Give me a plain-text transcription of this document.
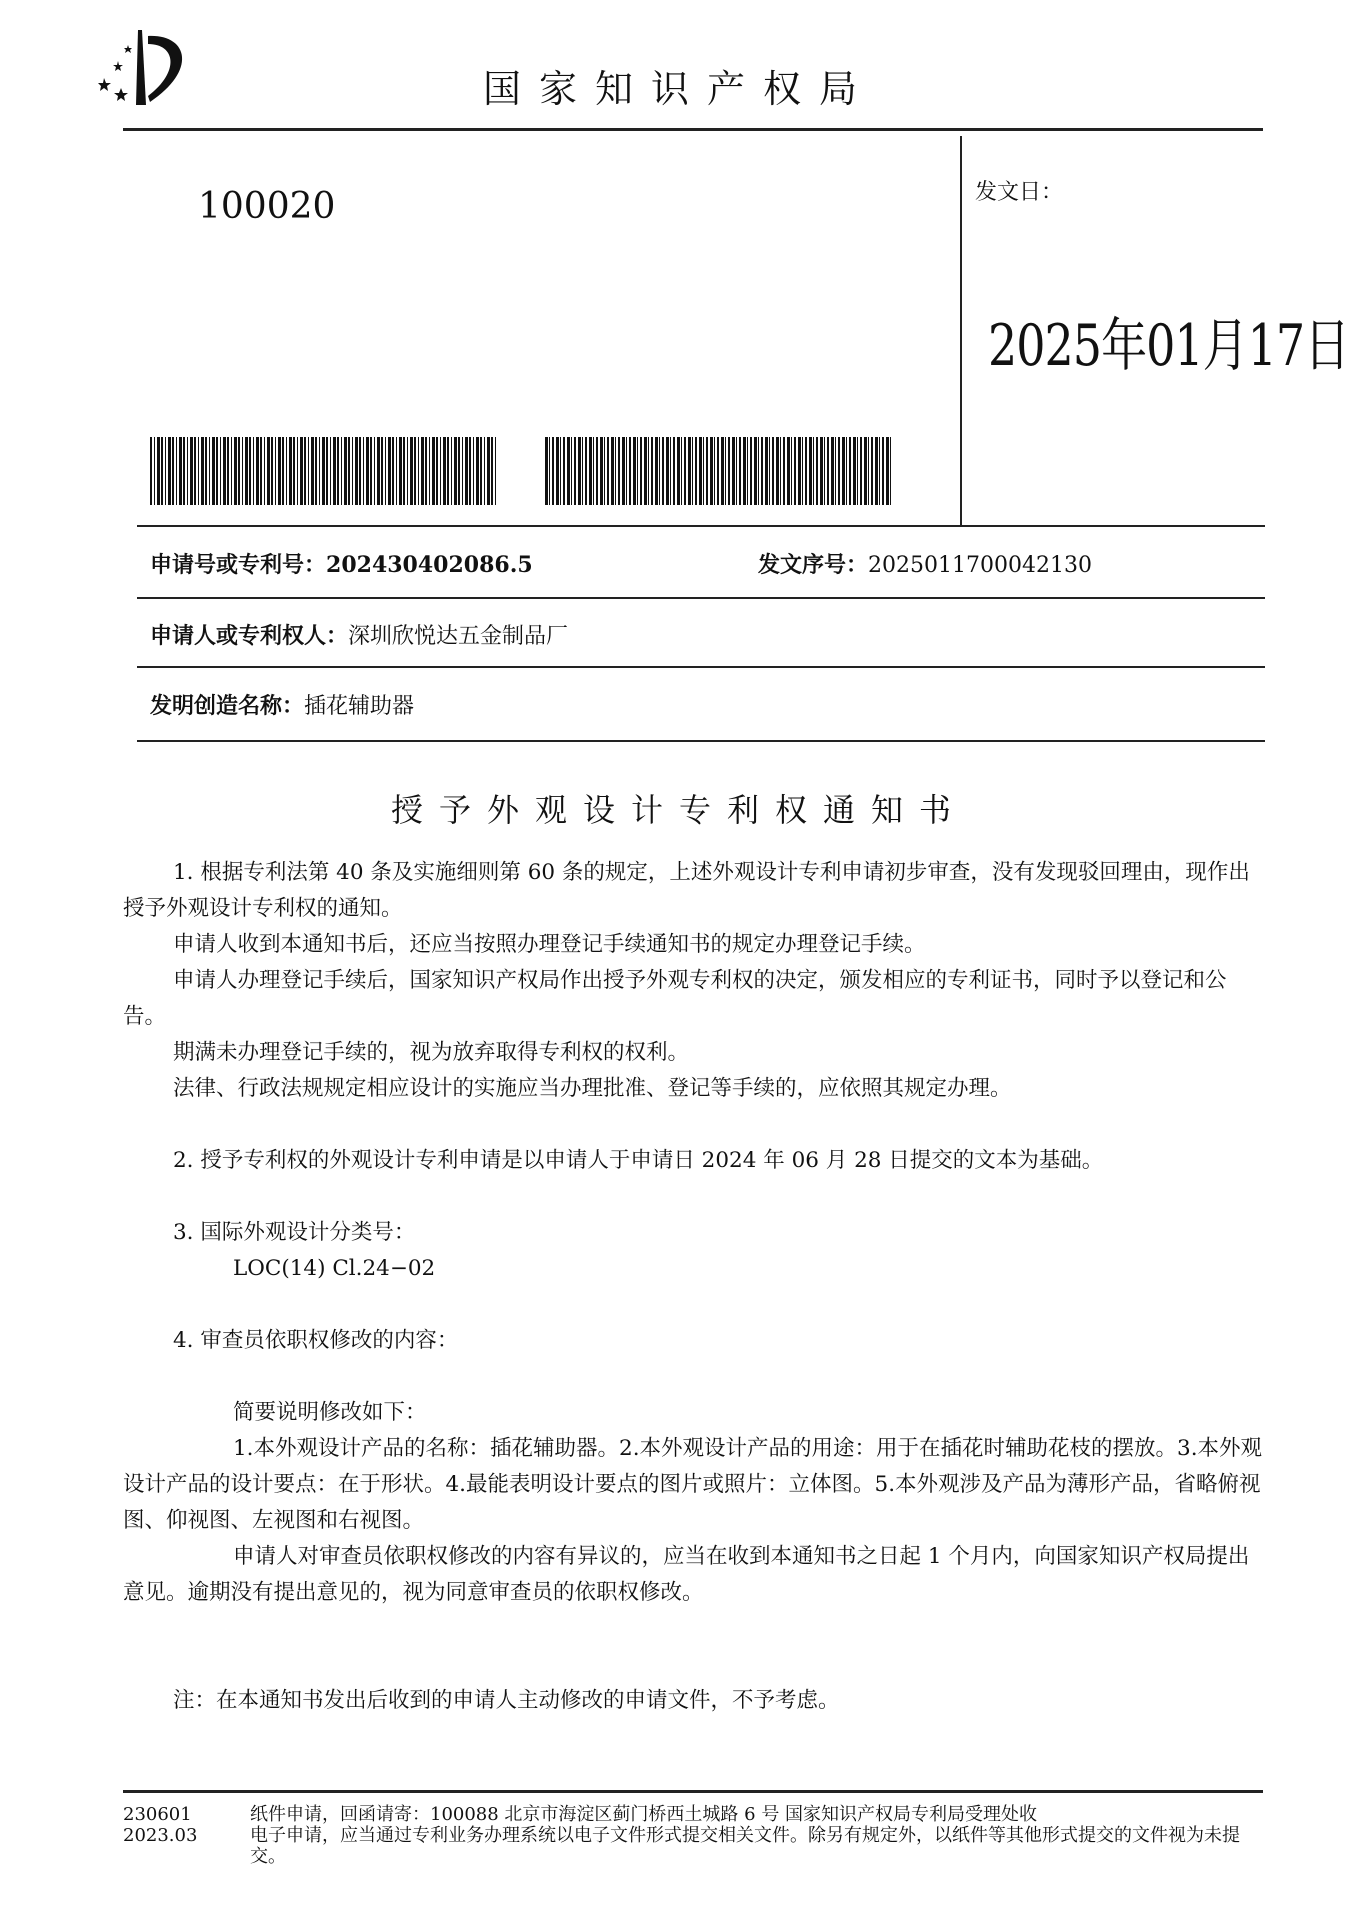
国家知识产权局
100020	发文日：
2025年01月17日
申请号或专利号：202430402086.5	发文序号：2025011700042130
申请人或专利权人：深圳欣悦达五金制品厂
发明创造名称：插花辅助器
授予外观设计专利权通知书

1. 根据专利法第 40 条及实施细则第 60 条的规定，上述外观设计专利申请初步审查，没有发现驳回理由，现作出授予外观设计专利权的通知。

申请人收到本通知书后，还应当按照办理登记手续通知书的规定办理登记手续。

申请人办理登记手续后，国家知识产权局作出授予外观专利权的决定，颁发相应的专利证书，同时予以登记和公告。

期满未办理登记手续的，视为放弃取得专利权的权利。

法律、行政法规规定相应设计的实施应当办理批准、登记等手续的，应依照其规定办理。

2. 授予专利权的外观设计专利申请是以申请人于申请日 2024 年 06 月 28 日提交的文本为基础。

3. 国际外观设计分类号：

LOC(14) Cl.24−02

4. 审查员依职权修改的内容：

简要说明修改如下：

1.本外观设计产品的名称：插花辅助器。2.本外观设计产品的用途：用于在插花时辅助花枝的摆放。3.本外观设计产品的设计要点：在于形状。4.最能表明设计要点的图片或照片：立体图。5.本外观涉及产品为薄形产品，省略俯视图、仰视图、左视图和右视图。

申请人对审查员依职权修改的内容有异议的，应当在收到本通知书之日起 1 个月内，向国家知识产权局提出意见。逾期没有提出意见的，视为同意审查员的依职权修改。

注：在本通知书发出后收到的申请人主动修改的申请文件，不予考虑。

230601
2023.03
纸件申请，回函请寄：100088 北京市海淀区蓟门桥西土城路 6 号 国家知识产权局专利局受理处收
电子申请，应当通过专利业务办理系统以电子文件形式提交相关文件。除另有规定外，以纸件等其他形式提交的文件视为未提交。
